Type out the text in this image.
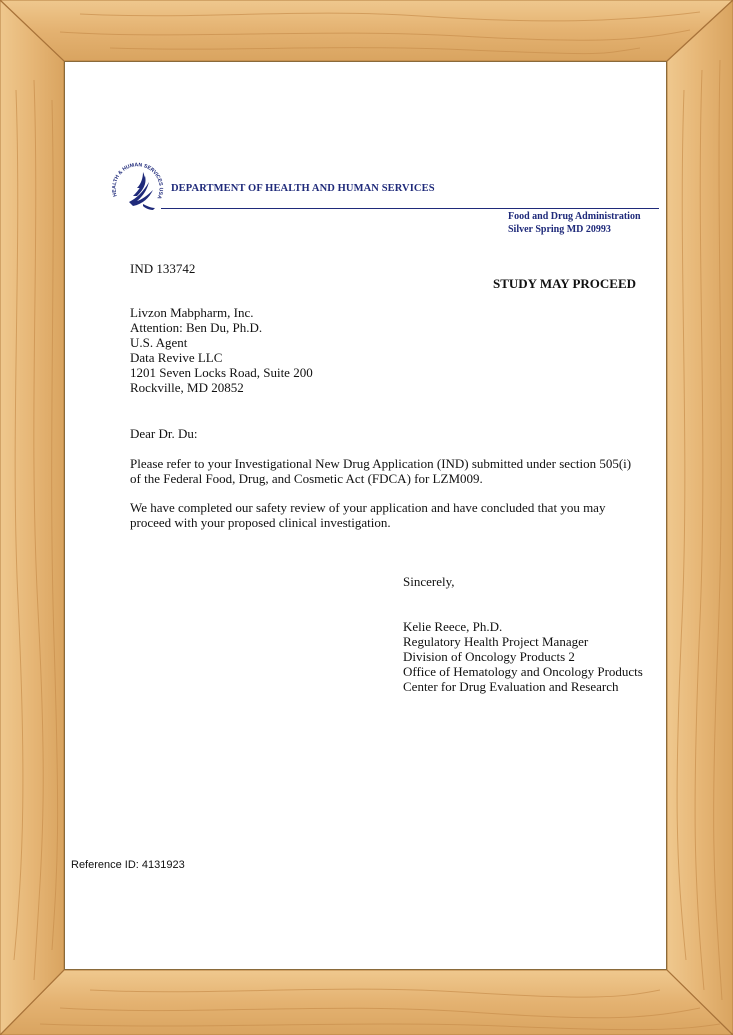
HEALTH & HUMAN SERVICES USA
DEPARTMENT OF HEALTH AND HUMAN SERVICES
Food and Drug Administration
Silver Spring MD 20993
IND 133742
STUDY MAY PROCEED
Livzon Mabpharm, Inc.
Attention: Ben Du, Ph.D.
U.S. Agent
Data Revive LLC
1201 Seven Locks Road, Suite 200
Rockville, MD 20852
Dear Dr. Du:
Please refer to your Investigational New Drug Application (IND) submitted under section 505(i)
of the Federal Food, Drug, and Cosmetic Act (FDCA) for LZM009.
We have completed our safety review of your application and have concluded that you may
proceed with your proposed clinical investigation.
Sincerely,
Kelie Reece, Ph.D.
Regulatory Health Project Manager
Division of Oncology Products 2
Office of Hematology and Oncology Products
Center for Drug Evaluation and Research
Reference ID: 4131923
